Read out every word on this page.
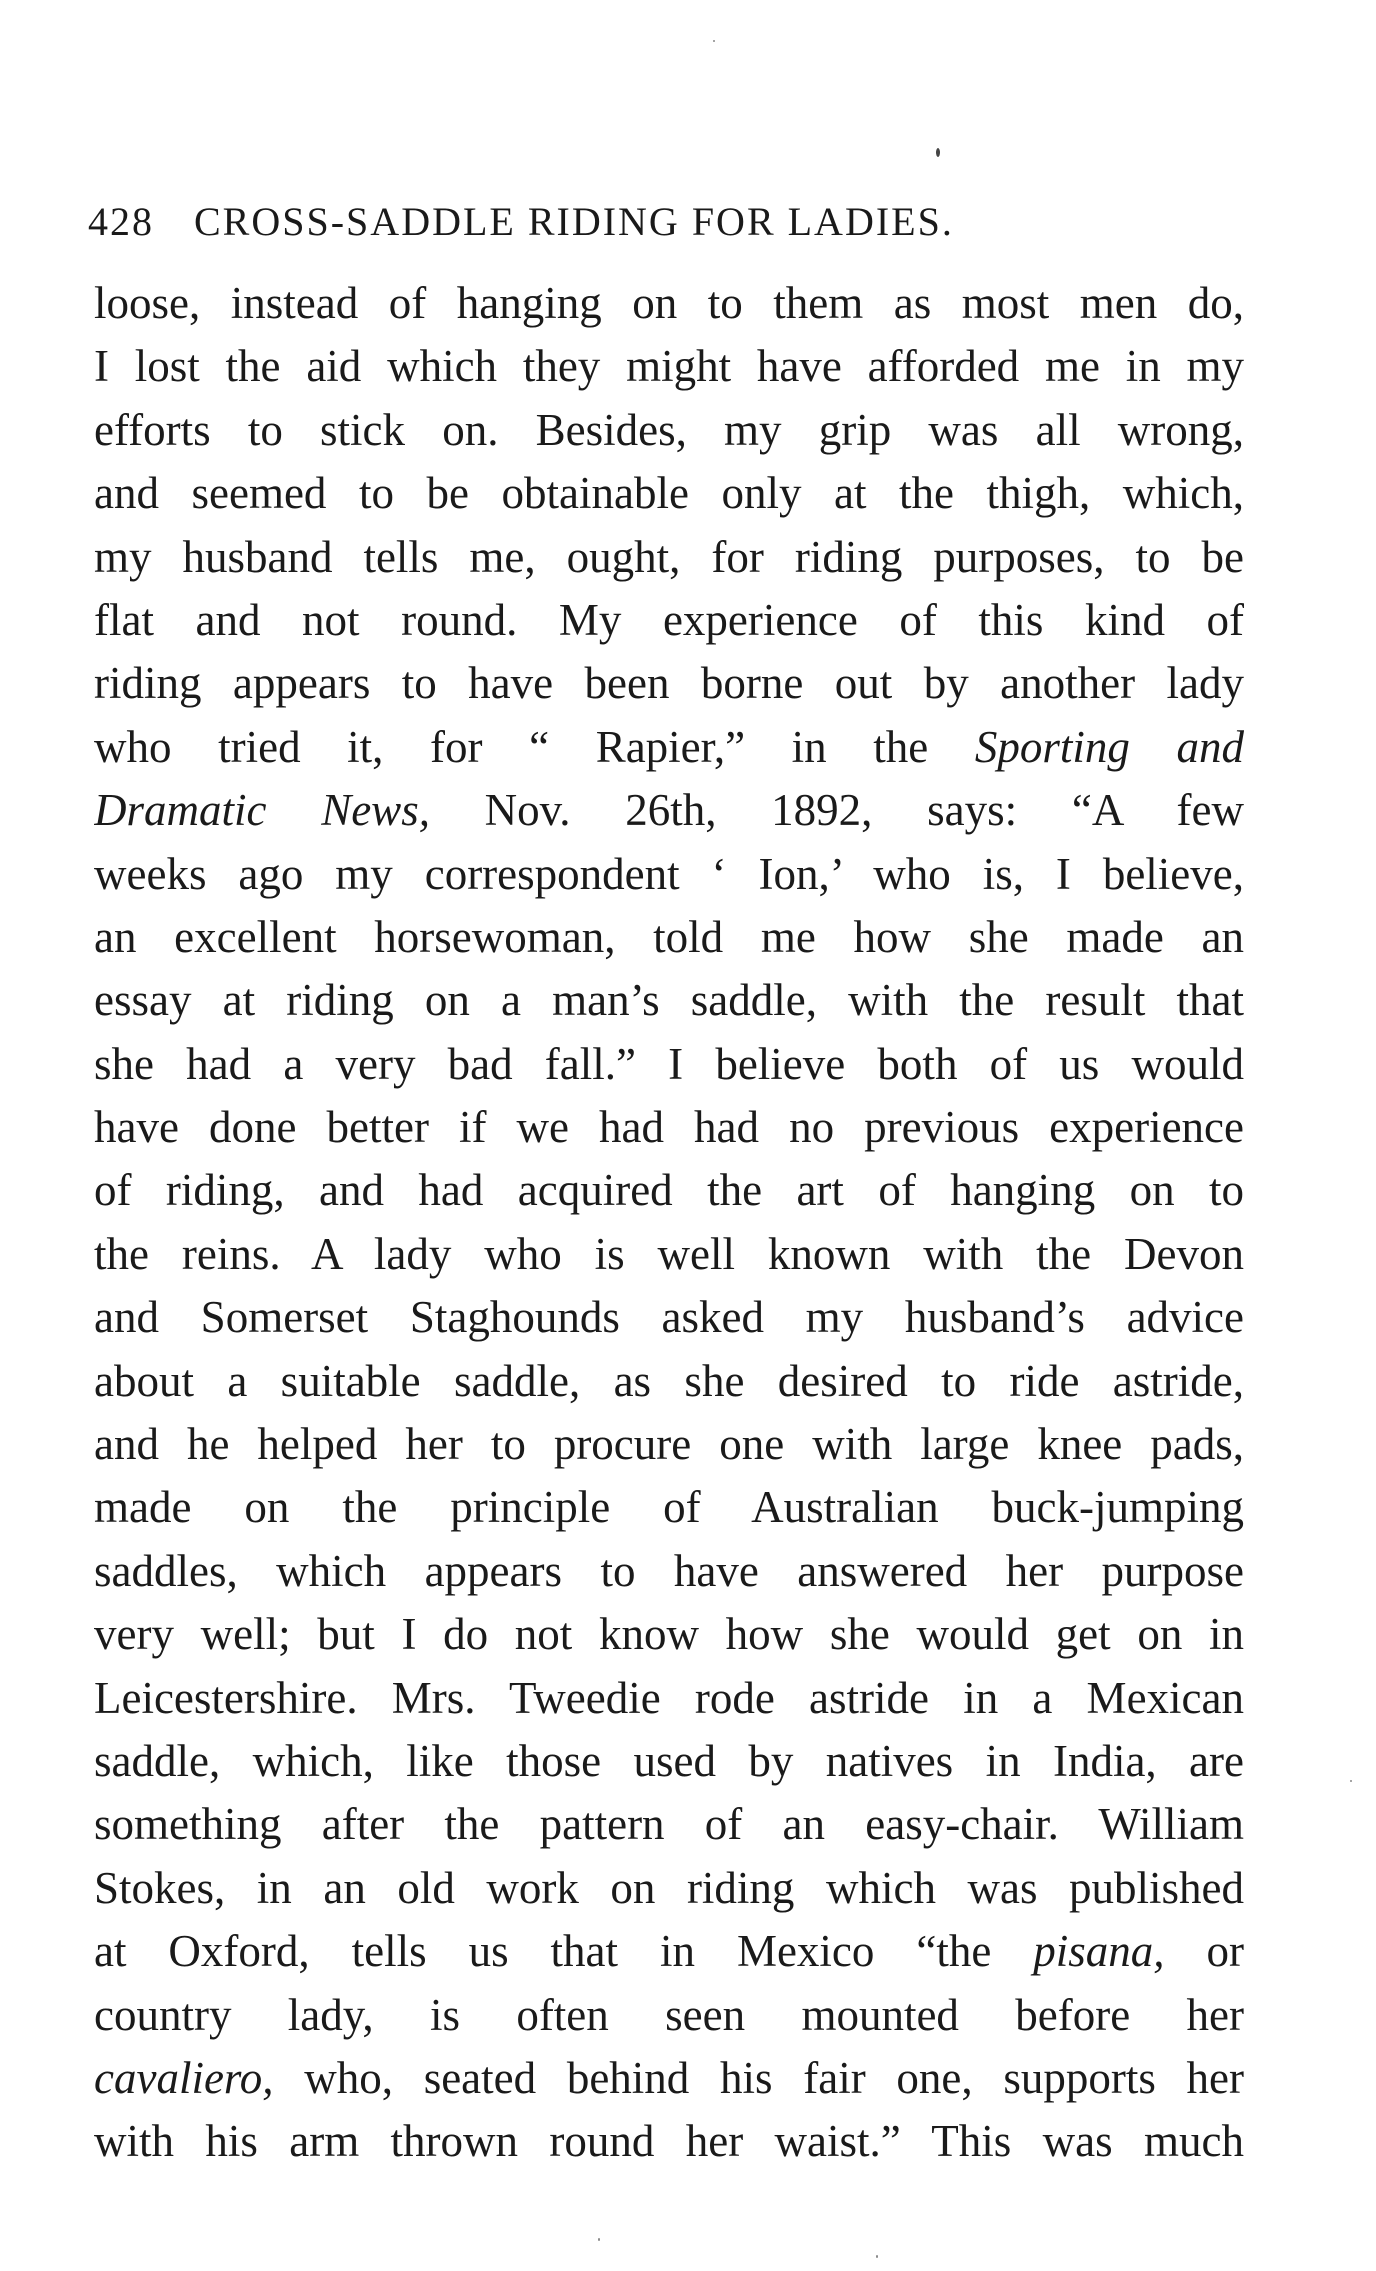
428 CROSS-SADDLE RIDING FOR LADIES.
loose, instead of hanging on to them as most men do,
I lost the aid which they might have afforded me in my
efforts to stick on. Besides, my grip was all wrong,
and seemed to be obtainable only at the thigh, which,
my husband tells me, ought, for riding purposes, to be
flat and not round. My experience of this kind of
riding appears to have been borne out by another lady
who tried it, for “ Rapier,” in the Sporting and
Dramatic News, Nov. 26th, 1892, says: “A few
weeks ago my correspondent ‘ Ion,’ who is, I believe,
an excellent horsewoman, told me how she made an
essay at riding on a man’s saddle, with the result that
she had a very bad fall.” I believe both of us would
have done better if we had had no previous experience
of riding, and had acquired the art of hanging on to
the reins. A lady who is well known with the Devon
and Somerset Staghounds asked my husband’s advice
about a suitable saddle, as she desired to ride astride,
and he helped her to procure one with large knee pads,
made on the principle of Australian buck-jumping
saddles, which appears to have answered her purpose
very well; but I do not know how she would get on in
Leicestershire. Mrs. Tweedie rode astride in a Mexican
saddle, which, like those used by natives in India, are
something after the pattern of an easy-chair. William
Stokes, in an old work on riding which was published
at Oxford, tells us that in Mexico “the pisana, or
country lady, is often seen mounted before her
cavaliero, who, seated behind his fair one, supports her
with his arm thrown round her waist.” This was much
